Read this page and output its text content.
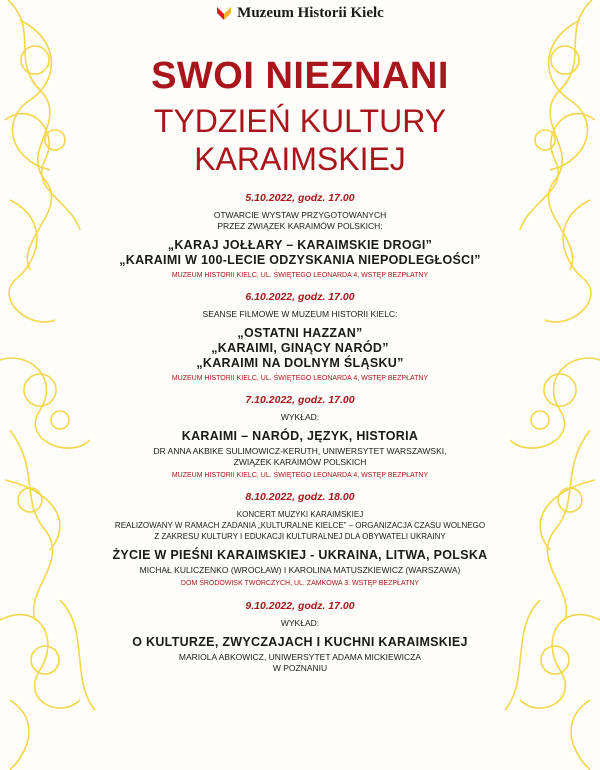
Muzeum Historii Kielc
SWOI NIEZNANI
TYDZIEŃ KULTURY
KARAIMSKIEJ
5.10.2022, godz. 17.00
OTWARCIE WYSTAW PRZYGOTOWANYCH
PRZEZ ZWIĄZEK KARAIMÓW POLSKICH:
„KARAJ JOŁŁARY – KARAIMSKIE DROGI”
„KARAIMI W 100-LECIE ODZYSKANIA NIEPODLEGŁOŚCI”
MUZEUM HISTORII KIELC, UL. ŚWIĘTEGO LEONARDA 4, WSTĘP BEZPŁATNY
6.10.2022, godz. 17.00
SEANSE FILMOWE W MUZEUM HISTORII KIELC:
„OSTATNI HAZZAN”
„KARAIMI, GINĄCY NARÓD”
„KARAIMI NA DOLNYM ŚLĄSKU”
MUZEUM HISTORII KIELC, UL. ŚWIĘTEGO LEONARDA 4, WSTĘP BEZPŁATNY
7.10.2022, godz. 17.00
WYKŁAD:
KARAIMI – NARÓD, JĘZYK, HISTORIA
DR ANNA AKBIKE SULIMOWICZ-KERUTH, UNIWERSYTET WARSZAWSKI,
ZWIĄZEK KARAIMÓW POLSKICH
MUZEUM HISTORII KIELC, UL. ŚWIĘTEGO LEONARDA 4, WSTĘP BEZPŁATNY
8.10.2022, godz. 18.00
KONCERT MUZYKI KARAIMSKIEJ
REALIZOWANY W RAMACH ZADANIA „KULTURALNE KIELCE” – ORGANIZACJA CZASU WOLNEGO
Z ZAKRESU KULTURY I EDUKACJI KULTURALNEJ DLA OBYWATELI UKRAINY
ŻYCIE W PIEŚNI KARAIMSKIEJ - UKRAINA, LITWA, POLSKA
MICHAŁ KULICZENKO (WROCŁAW) I KAROLINA MATUSZKIEWICZ (WARSZAWA)
DOM ŚRODOWISK TWÓRCZYCH, UL. ZAMKOWA 3. WSTĘP BEZPŁATNY
9.10.2022, godz. 17.00
WYKŁAD:
O KULTURZE, ZWYCZAJACH I KUCHNI KARAIMSKIEJ
MARIOLA ABKOWICZ, UNIWERSYTET ADAMA MICKIEWICZA
W POZNANIU
